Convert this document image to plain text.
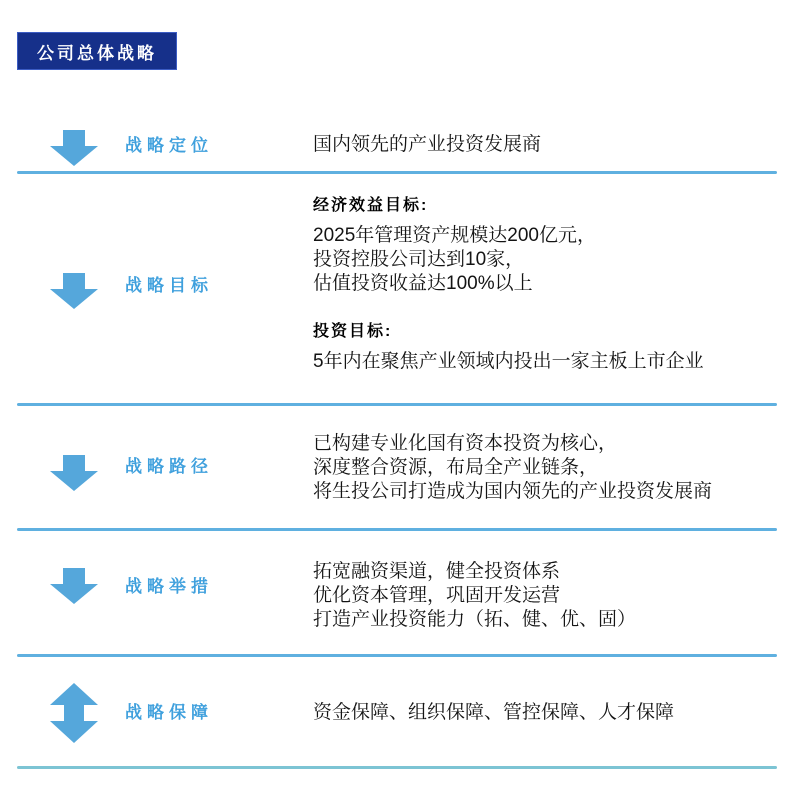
公司总体战略
战略定位	国内领先的产业投资发展商
战略目标
经济效益目标:
2025年管理资产规模达200亿元，
投资控股公司达到10家，
估值投资收益达100%以上
投资目标:
5年内在聚焦产业领域内投出一家主板上市企业
战略路径
已构建专业化国有资本投资为核心，
深度整合资源，布局全产业链条，
将生投公司打造成为国内领先的产业投资发展商
战略举措
拓宽融资渠道，健全投资体系
优化资本管理，巩固开发运营
打造产业投资能力（拓、健、优、固）
战略保障	资金保障、组织保障、管控保障、人才保障
